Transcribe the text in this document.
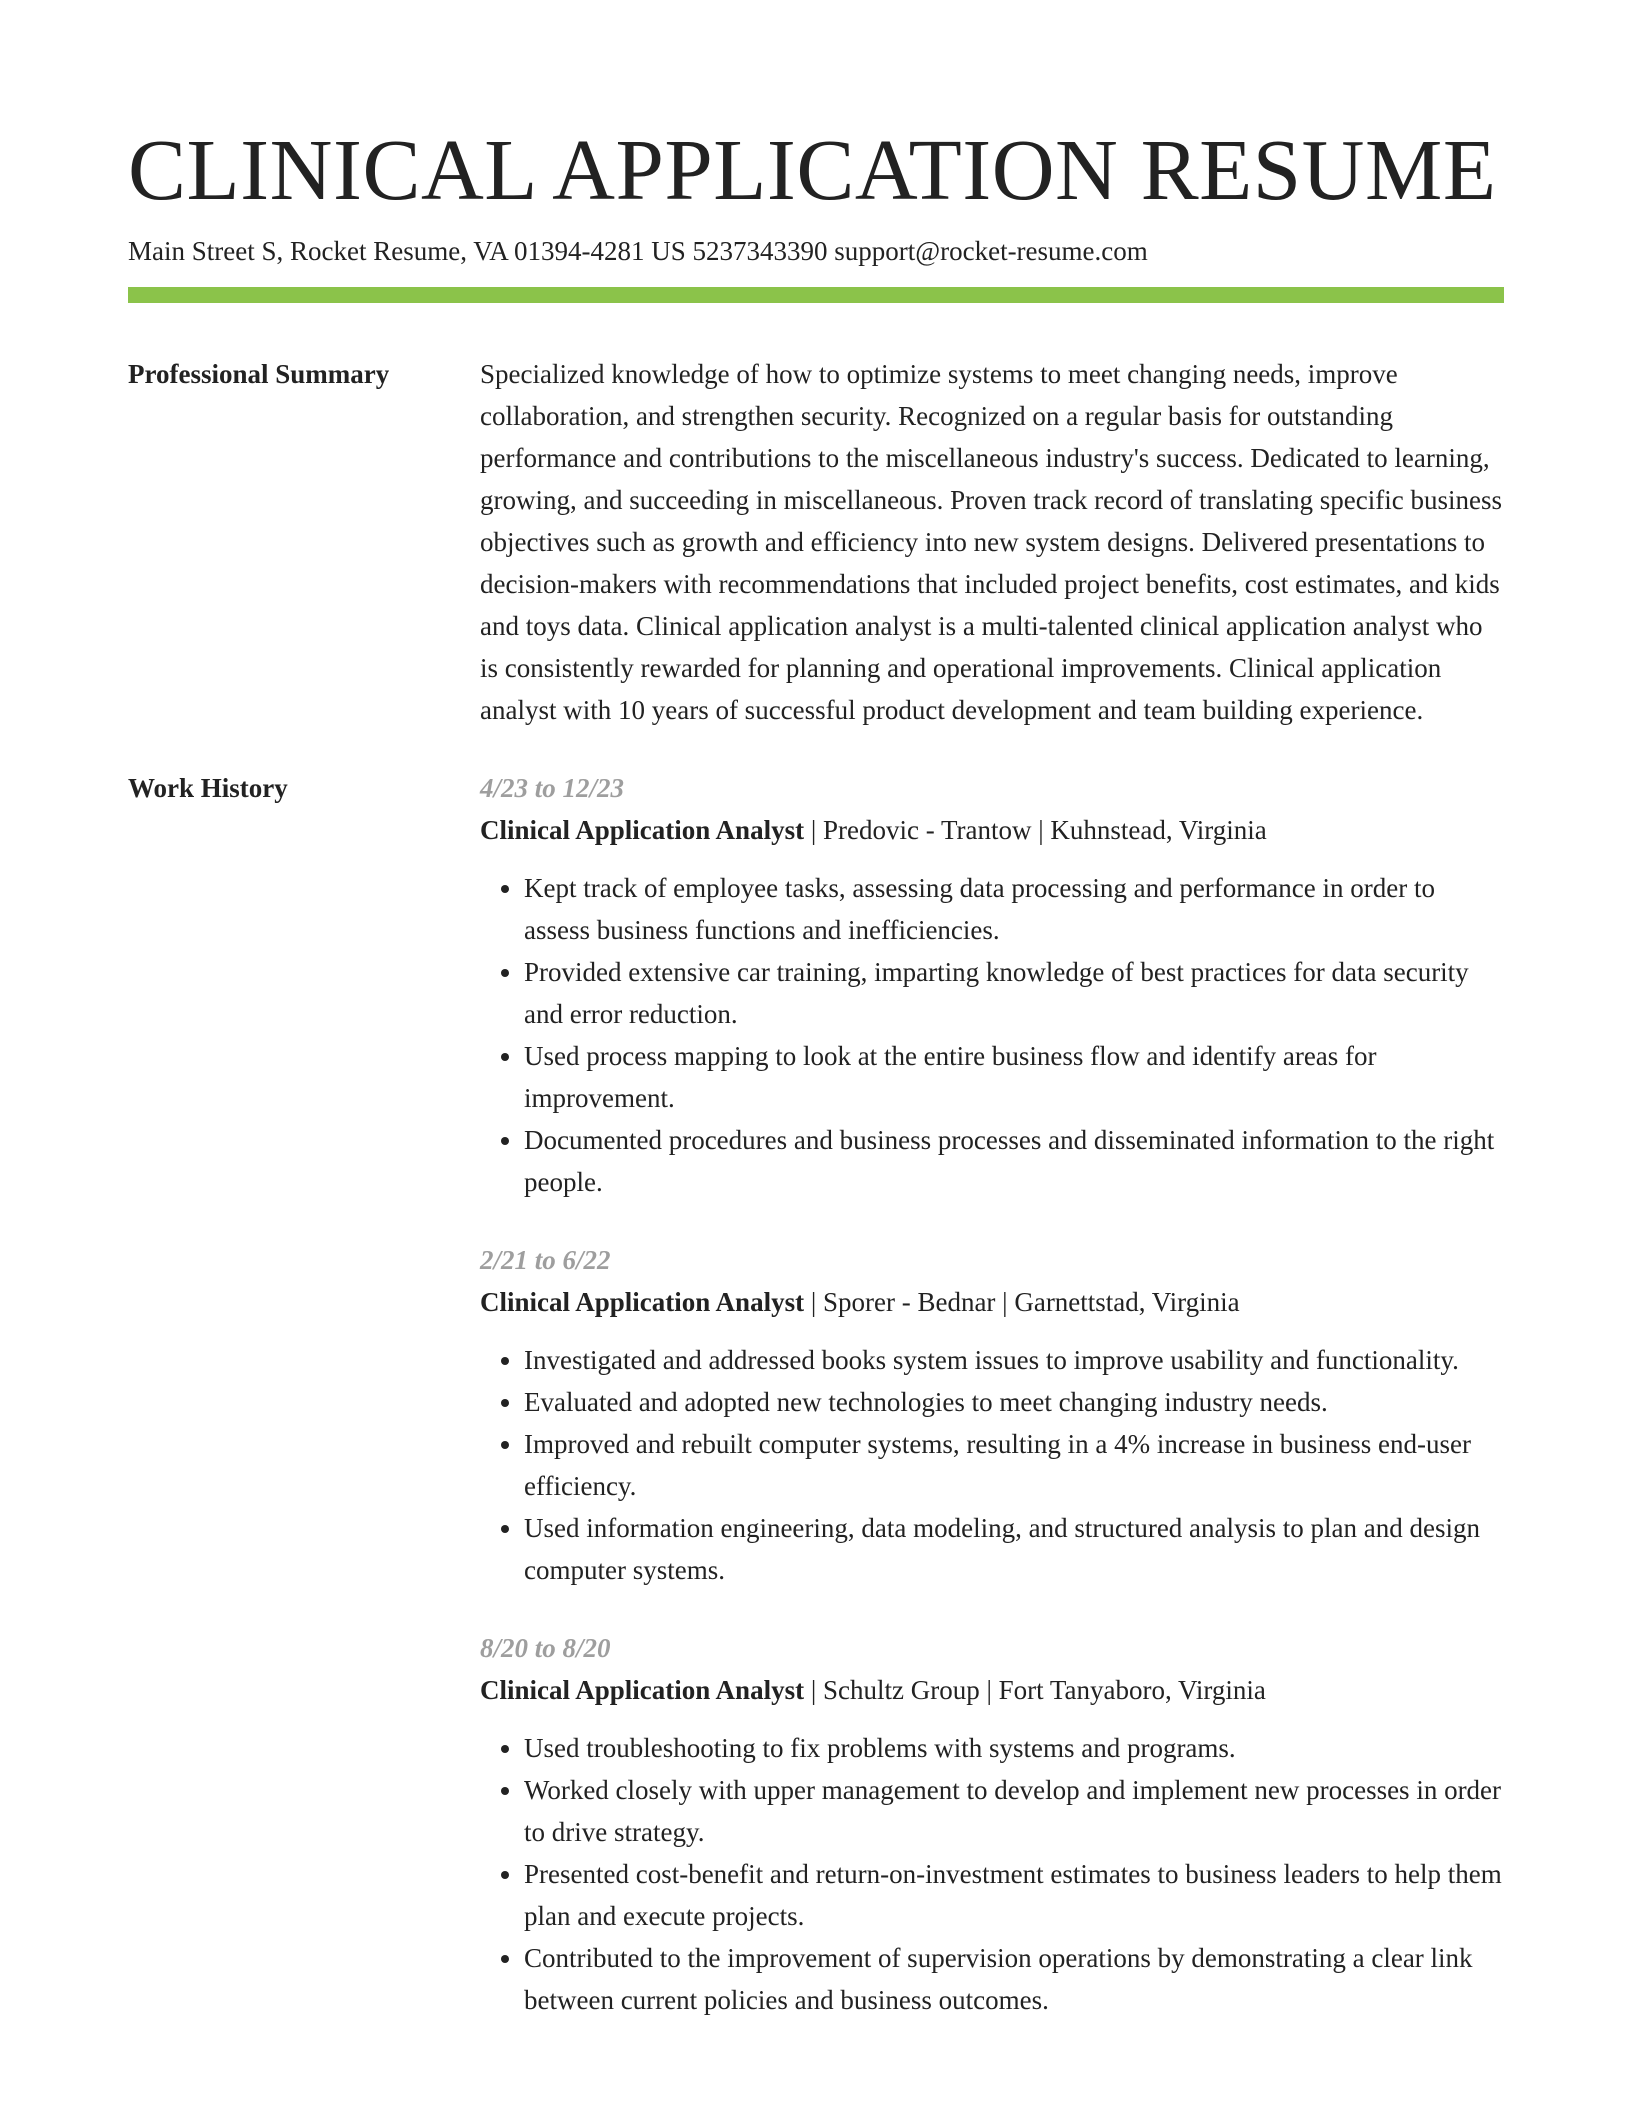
CLINICAL APPLICATION RESUME
Main Street S, Rocket Resume, VA 01394-4281 US 5237343390 support@rocket-resume.com
Professional Summary	Specialized knowledge of how to optimize systems to meet changing needs, improve collaboration, and strengthen security. Recognized on a regular basis for outstanding performance and contributions to the miscellaneous industry's success. Dedicated to learning, growing, and succeeding in miscellaneous. Proven track record of translating specific business objectives such as growth and efficiency into new system designs. Delivered presentations to decision-makers with recommendations that included project benefits, cost estimates, and kids and toys data. Clinical application analyst is a multi-talented clinical application analyst who is consistently rewarded for planning and operational improvements. Clinical application analyst with 10 years of successful product development and team building experience.

Work History	4/23 to 12/23
Clinical Application Analyst | Predovic - Trantow | Kuhnstead, Virginia
• Kept track of employee tasks, assessing data processing and performance in order to assess business functions and inefficiencies.
• Provided extensive car training, imparting knowledge of best practices for data security and error reduction.
• Used process mapping to look at the entire business flow and identify areas for improvement.
• Documented procedures and business processes and disseminated information to the right people.
2/21 to 6/22
Clinical Application Analyst | Sporer - Bednar | Garnettstad, Virginia
• Investigated and addressed books system issues to improve usability and functionality.
• Evaluated and adopted new technologies to meet changing industry needs.
• Improved and rebuilt computer systems, resulting in a 4% increase in business end-user efficiency.
• Used information engineering, data modeling, and structured analysis to plan and design computer systems.
8/20 to 8/20
Clinical Application Analyst | Schultz Group | Fort Tanyaboro, Virginia
• Used troubleshooting to fix problems with systems and programs.
• Worked closely with upper management to develop and implement new processes in order to drive strategy.
• Presented cost-benefit and return-on-investment estimates to business leaders to help them plan and execute projects.
• Contributed to the improvement of supervision operations by demonstrating a clear link between current policies and business outcomes.
